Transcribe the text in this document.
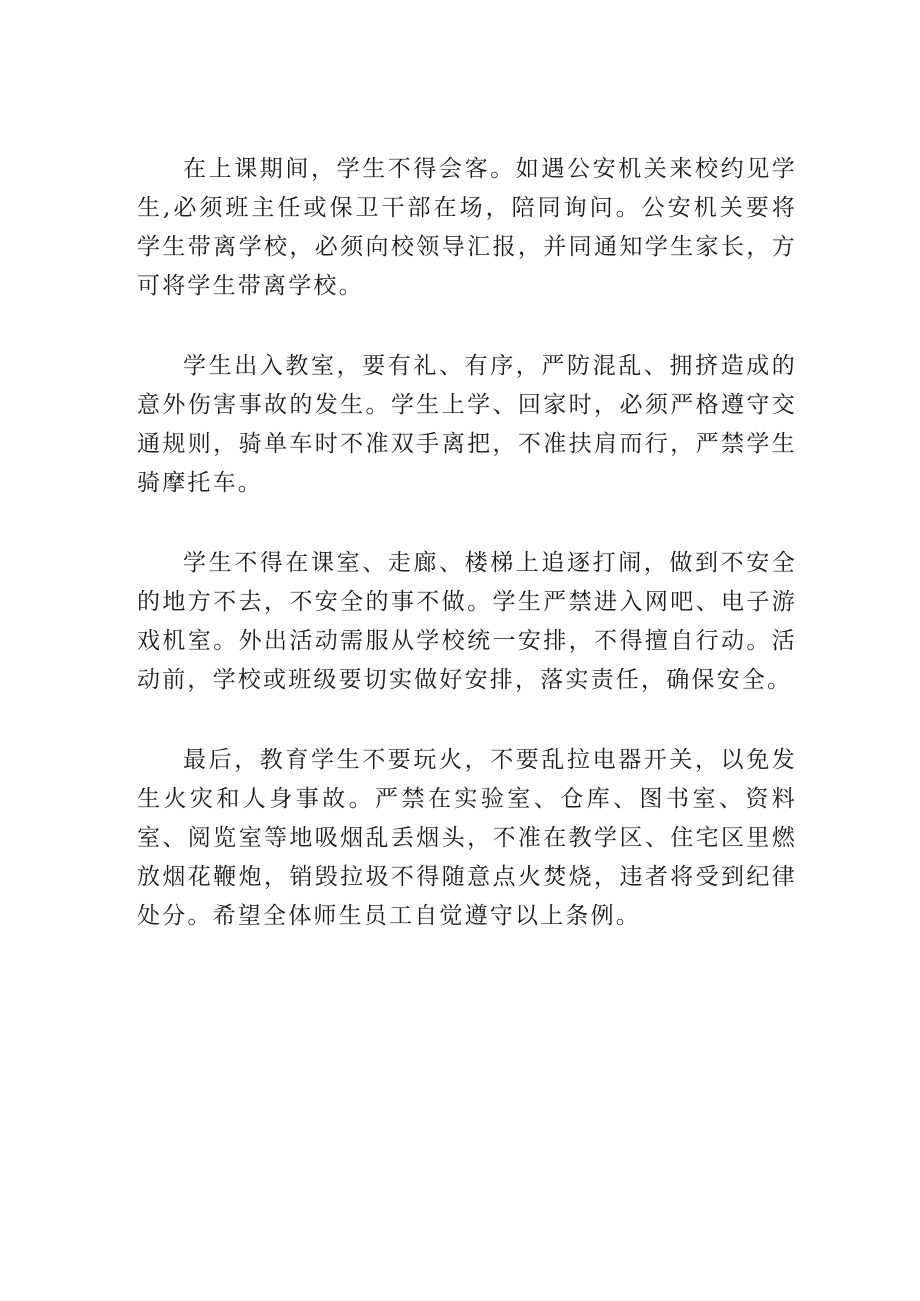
在上课期间，学生不得会客。如遇公安机关来校约见学生,必须班主任或保卫干部在场，陪同询问。公安机关要将学生带离学校，必须向校领导汇报，并同通知学生家长，方可将学生带离学校。

学生出入教室，要有礼、有序，严防混乱、拥挤造成的意外伤害事故的发生。学生上学、回家时，必须严格遵守交通规则，骑单车时不准双手离把，不准扶肩而行，严禁学生骑摩托车。

学生不得在课室、走廊、楼梯上追逐打闹，做到不安全的地方不去，不安全的事不做。学生严禁进入网吧、电子游戏机室。外出活动需服从学校统一安排，不得擅自行动。活动前，学校或班级要切实做好安排，落实责任，确保安全。

最后，教育学生不要玩火，不要乱拉电器开关，以免发生火灾和人身事故。严禁在实验室、仓库、图书室、资料室、阅览室等地吸烟乱丢烟头，不准在教学区、住宅区里燃放烟花鞭炮，销毁拉圾不得随意点火焚烧，违者将受到纪律处分。希望全体师生员工自觉遵守以上条例。
